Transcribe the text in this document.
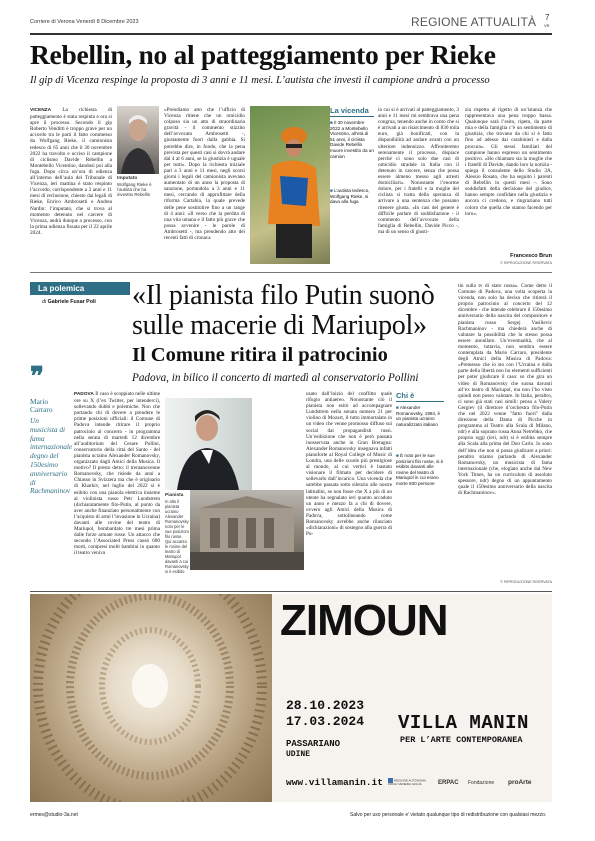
Corriere di Verona Venerdì 8 Dicembre 2023	REGIONE ATTUALITÀ 7
VR
Rebellin, no al patteggiamento per Rieke
Il gip di Vicenza respinge la proposta di 3 anni e 11 mesi. L’autista che investì il campione andrà a processo
VICENZA La richiesta di patteggiamento è stata respinta e ora si apre il processo. Secondo il gip Roberto Venditti è troppo grave per un accordo tra le parti il fatto commesso da Wolfgang Rieke, il camionista tedesco di 65 anni che il 30 novembre 2022 ha travolto e ucciso il campione di ciclismo Davide Rebellin a Montebello Vicentino, dandosi poi alla fuga. Dopo circa un’ora di udienza all’interno dell’aula del Tribunale di Vicenza, ieri mattina è stato respinto l’accordo, corrispondente a 3 anni e 11 mesi di reclusione, chiesto dai legali di Rieke, Enrico Ambrosetti e Andrea Nardin: l’imputato, che si trova al momento detenuto nel carcere di Vicenza, andrà dunque a processo, con la prima udienza fissata per il 22 aprile 2024.
Imputato
Wolfgang Rieke è l’autista che ha investito Rebellin
«Prendiamo atto che l’ufficio di Vicenza ritiene che un omicidio colposo sia un atto di straordinaria gravità - il commento stizzito dell’avvocato Ambrosetti -, giustamente fuori dalla gabbia. Si potrebbe dire, in fondo, che la pena prevista per questi casi si dovrà andare dal 4 al 6 anni, se la giustizia è uguale per tutti». Dopo la richiesta iniziale pari a 3 anni e 11 mesi, negli scorsi giorni i legali del camionista avevano aumentato di un anno la proposta di sanzione, portandola a 3 anni e 11 mesi, cercando di approfittare della riforma Cartabia, la quale prevede delle pene sostitutive fino a un range di 4 anni: «Il verso che la perdita di una vita umana e il fatto più grave che possa avvenire - le parole di Ambrosetti -, ma prendendo atto dei recenti fatti di cronaca
La vicenda
■ Il 30 novembre 2022 a Montebello Vicentino, all’età di 51 anni, il ciclista Davide Rebellin muore investito da un camion
■ L’autista tedesco, Wolfgang Rieke, si dava alla fuga
in cui si è arrivati al patteggiamento, 3 anni e 11 mesi mi sembrava una pena congrua, tenendo anche in conto che si è arrivati a un risarcimento di 830 mila euro, già bonificati, con la disponibilità ad andare avanti con un ulteriore indennizzo. Affronteremo serenamente il processo, dispiace perché ci sono solo due casi di omicidio stradale in Italia con il detenuto in carcere, senza che possa essere almeno messo agli arresti domiciliari». Nonostante l’enorme dolore, per i fratelli e la moglie del ciclista si tratta della speranza di arrivare a una sentenza che possano ritenere giusta. «In casi del genere è difficile parlare di soddisfazione - il commento dell’avvocato della famiglia di Rebellin, Davide Picco -, ma di un senso di giusti-
zia rispetto al rigetto di un’istanza che rappresentava una pena troppo bassa. Qualunque sarà l’esito, ripeto, da parte mia e della famiglia c’è un sentimento di giustizia, che trovano da chi si è fatto fino ad adesso dai carabinieri e dalla procura». Gli stessi familiari del campione hanno espresso un sentimento positivo. «Ho chiamato sia la moglie che i fratelli di Davide, dando loro la notizia - spiega il consulente dello Studio 3A, Alessio Rosato, che ha seguito i parenti di Rebellin in questi mesi -. Sono soddisfatti della decisione del giudice, hanno sempre confidato nella giustizia e ancora ci credono, e ringraziano tutti coloro che quella che stanno facendo per loro».
Francesco Brun
© RIPRODUZIONE RISERVATA
La polemica
di Gabriele Fusar Poli «Il pianista filo Putin suonò
sulle macerie di Mariupol»
Il Comune ritira il patrocinio
Padova, in bilico il concerto di martedì al conservatorio Pollini
❞
Mario Carraro
Un musicista di fama internazionale degno del 150esimo anniversario di Rachmaninov
PADOVA Il caso è scoppiato nelle ultime ore su X (l’ex Twitter, per intenderci), sollevando dubbi e polemiche. Non che portando chi di dovere a prendere le prime posizioni ufficiali: il Comune di Padova intende ritirare il proprio patrocinio al concerto - in programma nella serata di martedì 12 dicembre all’auditorium del Cesare Pollini, conservatorio della città del Santo - del pianista ucraino Alexander Romanovsky, organizzato dagli Amici della Musica. Il motivo? Il presto detto: il trentanovenne Romanovsky, che risiede da anni a Chiasso in Svizzera ma che è originario di Kharkiv, nel luglio del 2022 si è esibito con una pianola elettrica insieme al violinista russo Petr Lundstrem (dichiaratamente filo-Putin, al punto da aver anche finanziato personalmente con l’acquisto di armi l’invasione in Ucraina) davanti alle rovine del teatro di Mariupol, bombardato tre mesi prima dalle forze armate russe. Un attacco che secondo l’Associated Press causò 600 morti, compresi molti bambini in quanto il teatro veniva
Pianista
In alto il pianista ucraino Alexander Romanovsky noto per le sue posizioni filo russe. Qui accanto le rovine del teatro di Mariupol davanti a cui Romanovsky si è esibito
usato dall’inizio del conflitto quale rifugio antiaereo. Nonostante ciò il pianista non esitò ad accompagnare Lundstrem nella sonata numero 21 per violino di Mozart, il tutto immortalato in un video che venne promosso diffuso sui social dai propagandisti russi. Un’esibizione che non è però passata inosservata anche in Gran Bretagna: Alexander Romanovsky insegnava infatti pianoforte al Royal College of Music di Londra, una delle scuole più prestigiose al mondo, al cui vertici è bastato visionare il filmato per decidere di sollevarlo dall’incarico. Una vicenda che sarebbe passata sotto silenzio alle nostre latitudini, se non fosse che X a più di un utente ha segnalato ieri quanto accaduto un anno e mezzo fa a chi di dovere, ovvero agli Amici della Musica di Padova, sottolineando come Romanovsky avrebbe anche rilasciato «dichiarazioni» di sostegno alla guerra di Pu-
Chi è
■ Alexander Romanovsky, 1984, è un pianista ucraino naturalizzato italiano
■ È noto per le sue posizioni filo russe, si è esibito davanti alle rovine del teatro di Mariupol in cui erano morte 600 persone
tin sulla tv di stato russa». Come detto il Comune di Padova, una volta scoperta la vicenda, non solo ha deciso che ritirerà il proprio patrocinio al concerto del 12 dicembre - che intende celebrare il 150esimo anniversario della nascita del compositore e pianista russo Sergej Vasilievic Rachmaninov - ma chiederà anche di valutare la possibilità che lo stesso possa essere annullato. Un’eventualità, che al momento, tuttavia, non sembra essere contemplata da Mario Carraro, presidente degli Amici della Musica di Padova: «Premesso che io sto con l’Ucraina e dalla parte della libertà non ho elementi sufficienti per poter giudicare il caso: so che gira un video di Romanovsky che suona davanti all’ex teatro di Mariupol, ma non l’ho visto quindi non posso valutare. In Italia, peraltro, ci sono già stati casi simili: penso a Valery Gergiev (il direttore d’orchestra filo-Putin che nel 2022 venne "fatto fuori" dalla direzione della Dama di Picche in programma al Teatro alla Scala di Milano, ndr) e alla soprano russa Anna Netrebko, che proprio oggi (ieri, ndr) si è esibita sempre alla Scala alla prima del Don Carlo. Io sono dell’idea che non si possa giudicare a priori: peraltro stiamo parlando di Alexander Romanovsky, un musicista di fama internazionale (che, elogiato anche dal New York Times, ha un curriculum di assoluto spessore, ndr) degno di un appuntamento quale il 150esimo anniversario della nascita di Rachmaninov».
© RIPRODUZIONE RISERVATA
ZIMOUN
28.10.2023
17.03.2024 VILLA MANIN
PER L’ARTE CONTEMPORANEA
PASSARIANO
UDINE
www.villamanin.it	REGIONE AUTÒNOMA FRIULI VENEZIA GIULIA	ERPAC Fondazione proArte
ermes@studio-3a.net	Salvo per uso personale e' vietato qualunque tipo di redistribuzione con qualsiasi mezzo.
